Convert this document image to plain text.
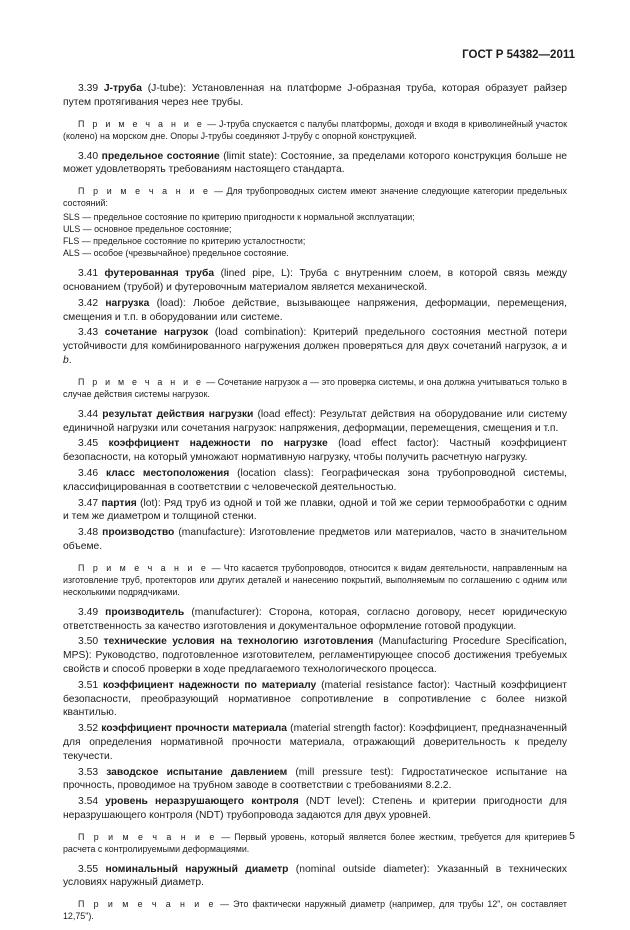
ГОСТ Р 54382—2011

3.39 J-труба (J-tube): Установленная на платформе J-образная труба, которая образует райзер путем протягивания через нее трубы.

П р и м е ч а н и е — J-труба спускается с палубы платформы, доходя и входя в криволинейный участок (колено) на морском дне. Опоры J-трубы соединяют J-трубу с опорной конструкцией.

3.40 предельное состояние (limit state): Состояние, за пределами которого конструкция больше не может удовлетворять требованиям настоящего стандарта.

П р и м е ч а н и е — Для трубопроводных систем имеют значение следующие категории предельных состояний:

SLS — предельное состояние по критерию пригодности к нормальной эксплуатации;

ULS — основное предельное состояние;

FLS — предельное состояние по критерию усталостности;

ALS — особое (чрезвычайное) предельное состояние.

3.41 футерованная труба (lined pipe, L): Труба с внутренним слоем, в которой связь между основанием (трубой) и футеровочным материалом является механической.

3.42 нагрузка (load): Любое действие, вызывающее напряжения, деформации, перемещения, смещения и т.п. в оборудовании или системе.

3.43 сочетание нагрузок (load combination): Критерий предельного состояния местной потери устойчивости для комбинированного нагружения должен проверяться для двух сочетаний нагрузок, a и b.

П р и м е ч а н и е — Сочетание нагрузок а — это проверка системы, и она должна учитываться только в случае действия системы нагрузок.

3.44 результат действия нагрузки (load effect): Результат действия на оборудование или систему единичной нагрузки или сочетания нагрузок: напряжения, деформации, перемещения, смещения и т.п.

3.45 коэффициент надежности по нагрузке (load effect factor): Частный коэффициент безопасности, на который умножают нормативную нагрузку, чтобы получить расчетную нагрузку.

3.46 класс местоположения (location class): Географическая зона трубопроводной системы, классифицированная в соответствии с человеческой деятельностью.

3.47 партия (lot): Ряд труб из одной и той же плавки, одной и той же серии термообработки с одним и тем же диаметром и толщиной стенки.

3.48 производство (manufacture): Изготовление предметов или материалов, часто в значительном объеме.

П р и м е ч а н и е — Что касается трубопроводов, относится к видам деятельности, направленным на изготовление труб, протекторов или других деталей и нанесению покрытий, выполняемым по соглашению с одним или несколькими подрядчиками.

3.49 производитель (manufacturer): Сторона, которая, согласно договору, несет юридическую ответственность за качество изготовления и документальное оформление готовой продукции.

3.50 технические условия на технологию изготовления (Manufacturing Procedure Specification, MPS): Руководство, подготовленное изготовителем, регламентирующее способ достижения требуемых свойств и способ проверки в ходе предлагаемого технологического процесса.

3.51 коэффициент надежности по материалу (material resistance factor): Частный коэффициент безопасности, преобразующий нормативное сопротивление в сопротивление с более низкой квантилью.

3.52 коэффициент прочности материала (material strength factor): Коэффициент, предназначенный для определения нормативной прочности материала, отражающий доверительность к пределу текучести.

3.53 заводское испытание давлением (mill pressure test): Гидростатическое испытание на прочность, проводимое на трубном заводе в соответствии с требованиями 8.2.2.

3.54 уровень неразрушающего контроля (NDT level): Степень и критерии пригодности для неразрушающего контроля (NDT) трубопровода задаются для двух уровней.

П р и м е ч а н и е — Первый уровень, который является более жестким, требуется для критериев расчета с контролируемыми деформациями.

3.55 номинальный наружный диаметр (nominal outside diameter): Указанный в технических условиях наружный диаметр.

П р и м е ч а н и е — Это фактически наружный диаметр (например, для трубы 12", он составляет 12,75").

5
